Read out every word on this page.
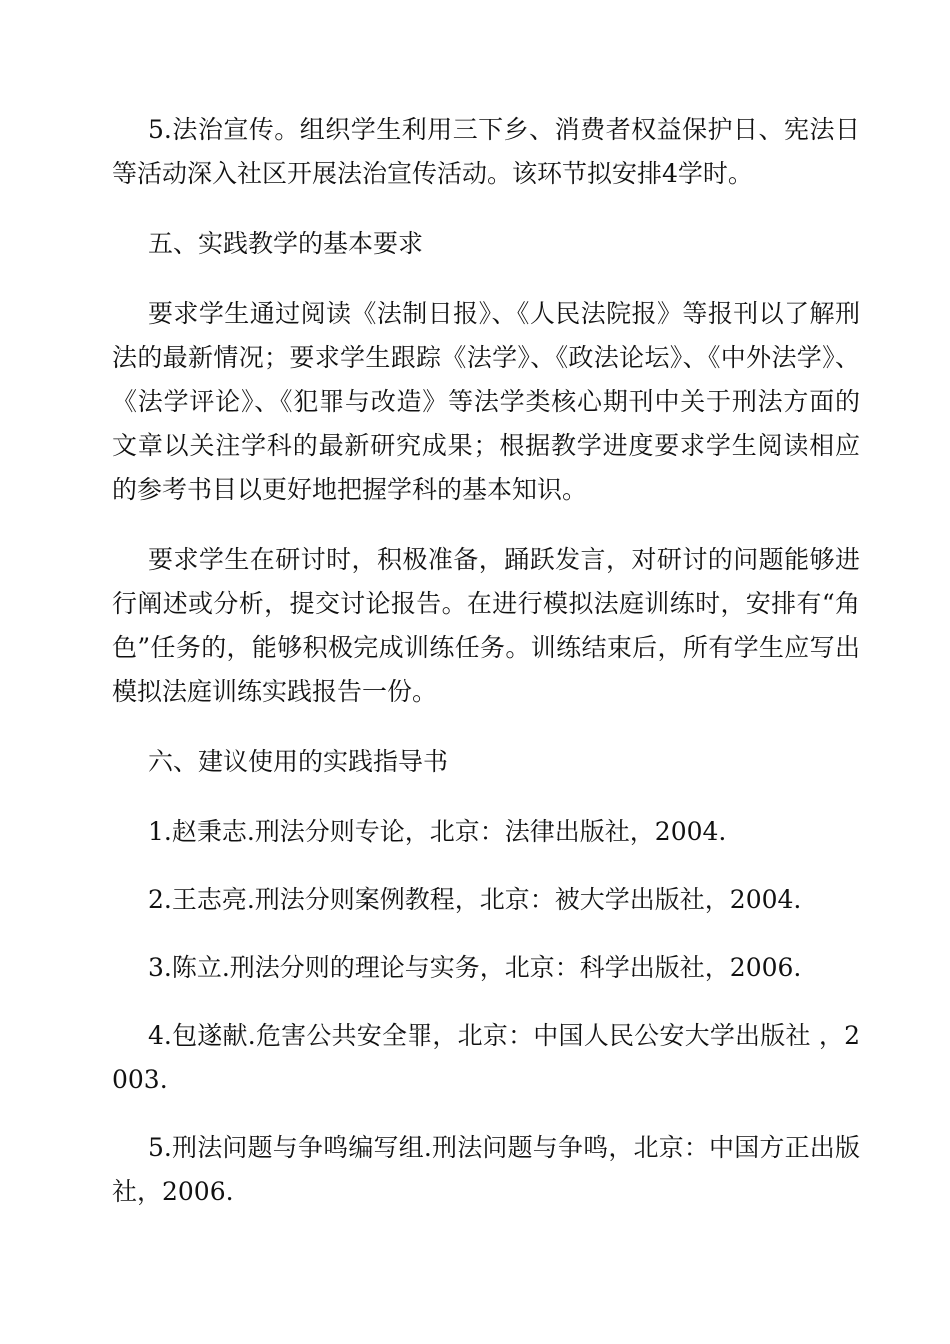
5.法治宣传。组织学生利用三下乡、消费者权益保护日、宪法日等活动深入社区开展法治宣传活动。该环节拟安排4学时。

五、实践教学的基本要求

要求学生通过阅读《法制日报》、《人民法院报》等报刊以了解刑法的最新情况；要求学生跟踪《法学》、《政法论坛》、《中外法学》、《法学评论》、《犯罪与改造》等法学类核心期刊中关于刑法方面的文章以关注学科的最新研究成果；根据教学进度要求学生阅读相应的参考书目以更好地把握学科的基本知识。

要求学生在研讨时，积极准备，踊跃发言，对研讨的问题能够进行阐述或分析，提交讨论报告。在进行模拟法庭训练时，安排有“角色”任务的，能够积极完成训练任务。训练结束后，所有学生应写出模拟法庭训练实践报告一份。

六、建议使用的实践指导书

1.赵秉志.刑法分则专论，北京：法律出版社，2004.

2.王志亮.刑法分则案例教程，北京：被大学出版社，2004.

3.陈立.刑法分则的理论与实务，北京：科学出版社，2006.

4.包遂献.危害公共安全罪，北京：中国人民公安大学出版社 ，2003.

5.刑法问题与争鸣编写组.刑法问题与争鸣，北京：中国方正出版社，2006.
